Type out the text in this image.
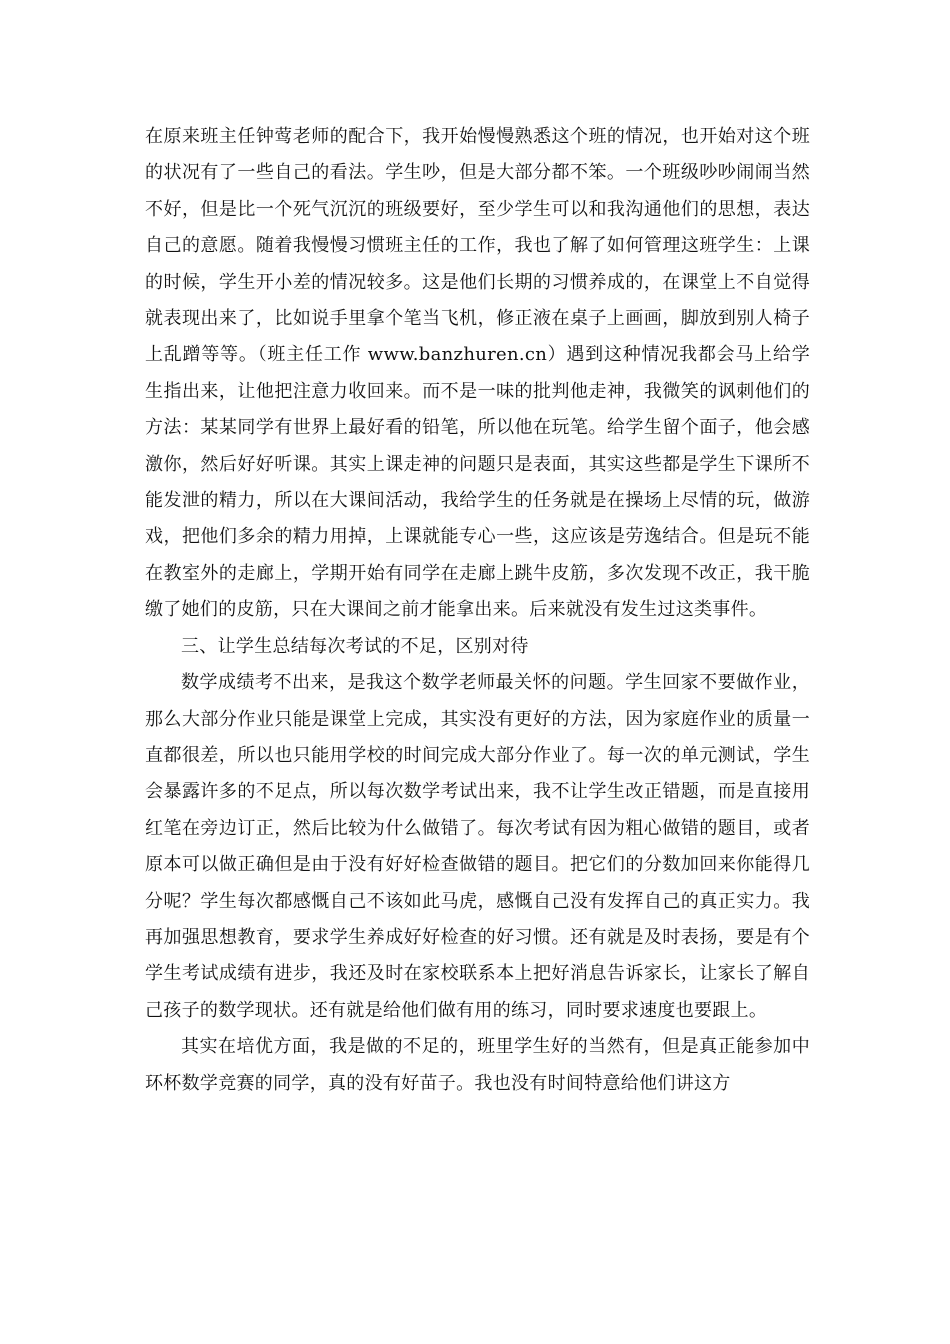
在原来班主任钟莺老师的配合下，我开始慢慢熟悉这个班的情况，也开始对这个班的状况有了一些自己的看法。学生吵，但是大部分都不笨。一个班级吵吵闹闹当然不好，但是比一个死气沉沉的班级要好，至少学生可以和我沟通他们的思想，表达自己的意愿。随着我慢慢习惯班主任的工作，我也了解了如何管理这班学生：上课的时候，学生开小差的情况较多。这是他们长期的习惯养成的，在课堂上不自觉得就表现出来了，比如说手里拿个笔当飞机，修正液在桌子上画画，脚放到别人椅子上乱蹭等等。（班主任工作 www.banzhuren.cn）遇到这种情况我都会马上给学生指出来，让他把注意力收回来。而不是一味的批判他走神，我微笑的讽刺他们的方法：某某同学有世界上最好看的铅笔，所以他在玩笔。给学生留个面子，他会感激你，然后好好听课。其实上课走神的问题只是表面，其实这些都是学生下课所不能发泄的精力，所以在大课间活动，我给学生的任务就是在操场上尽情的玩，做游戏，把他们多余的精力用掉，上课就能专心一些，这应该是劳逸结合。但是玩不能在教室外的走廊上，学期开始有同学在走廊上跳牛皮筋，多次发现不改正，我干脆缴了她们的皮筋，只在大课间之前才能拿出来。后来就没有发生过这类事件。

三、让学生总结每次考试的不足，区别对待

数学成绩考不出来，是我这个数学老师最关怀的问题。学生回家不要做作业，那么大部分作业只能是课堂上完成，其实没有更好的方法，因为家庭作业的质量一直都很差，所以也只能用学校的时间完成大部分作业了。每一次的单元测试，学生会暴露许多的不足点，所以每次数学考试出来，我不让学生改正错题，而是直接用红笔在旁边订正，然后比较为什么做错了。每次考试有因为粗心做错的题目，或者原本可以做正确但是由于没有好好检查做错的题目。把它们的分数加回来你能得几分呢？学生每次都感慨自己不该如此马虎，感慨自己没有发挥自己的真正实力。我再加强思想教育，要求学生养成好好检查的好习惯。还有就是及时表扬，要是有个学生考试成绩有进步，我还及时在家校联系本上把好消息告诉家长，让家长了解自己孩子的数学现状。还有就是给他们做有用的练习，同时要求速度也要跟上。

其实在培优方面，我是做的不足的，班里学生好的当然有，但是真正能参加中环杯数学竞赛的同学，真的没有好苗子。我也没有时间特意给他们讲这方
